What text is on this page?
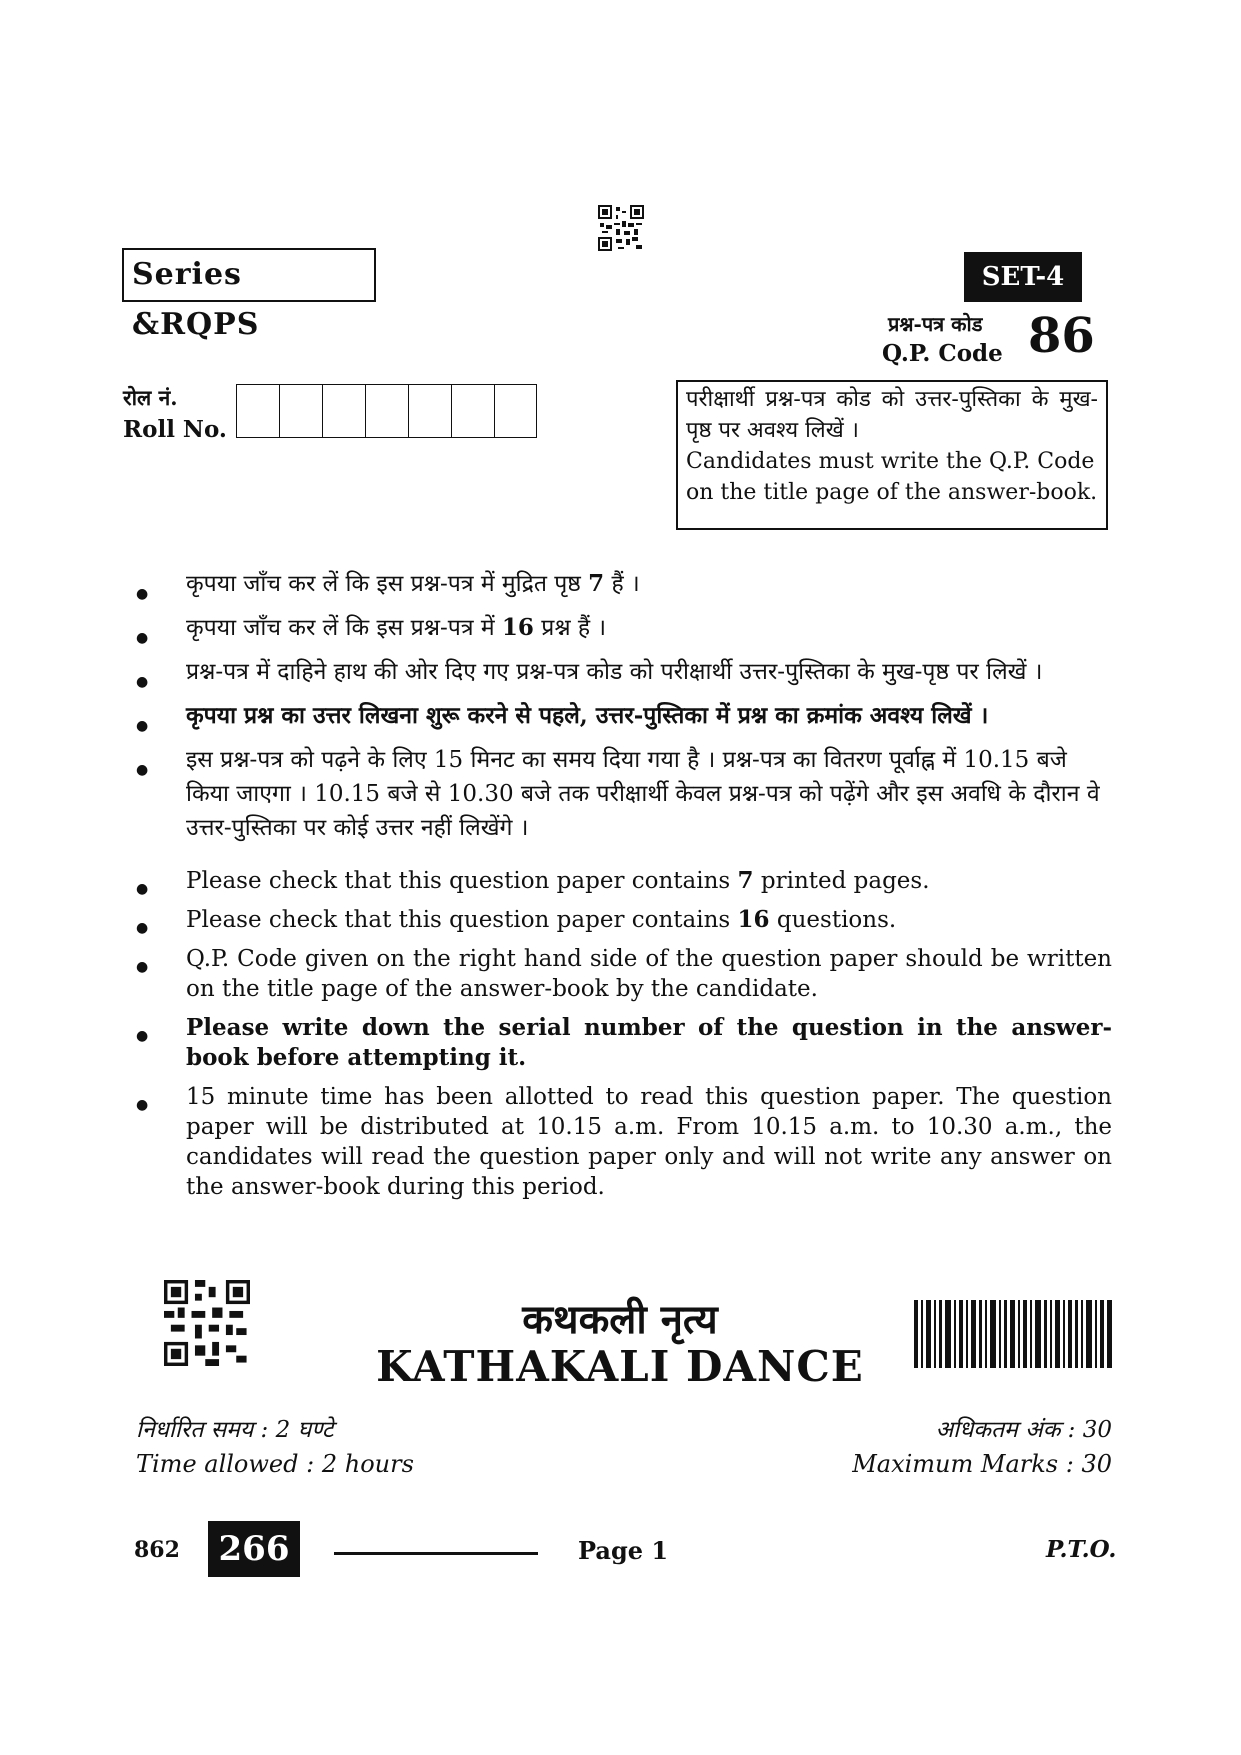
Series &RQPS
SET-4
प्रश्न-पत्र कोड
Q.P. Code 86
रोल नं.
Roll No.

परीक्षार्थी प्रश्न-पत्र कोड को उत्तर-पुस्तिका के मुख-पृष्ठ पर अवश्य लिखें ।

Candidates must write the Q.P. Code on the title page of the answer-book.

● कृपया जाँच कर लें कि इस प्रश्न-पत्र में मुद्रित पृष्ठ 7 हैं ।
● कृपया जाँच कर लें कि इस प्रश्न-पत्र में 16 प्रश्न हैं ।
● प्रश्न-पत्र में दाहिने हाथ की ओर दिए गए प्रश्न-पत्र कोड को परीक्षार्थी उत्तर-पुस्तिका के मुख-पृष्ठ पर लिखें ।
● कृपया प्रश्न का उत्तर लिखना शुरू करने से पहले, उत्तर-पुस्तिका में प्रश्न का क्रमांक अवश्य लिखें ।
● इस प्रश्न-पत्र को पढ़ने के लिए 15 मिनट का समय दिया गया है । प्रश्न-पत्र का वितरण पूर्वाह्न में 10.15 बजे किया जाएगा । 10.15 बजे से 10.30 बजे तक परीक्षार्थी केवल प्रश्न-पत्र को पढ़ेंगे और इस अवधि के दौरान वे उत्तर-पुस्तिका पर कोई उत्तर नहीं लिखेंगे ।
● Please check that this question paper contains 7 printed pages.
● Please check that this question paper contains 16 questions.
● Q.P. Code given on the right hand side of the question paper should be written on the title page of the answer-book by the candidate.
● Please write down the serial number of the question in the answer-book before attempting it.
● 15 minute time has been allotted to read this question paper. The question paper will be distributed at 10.15 a.m. From 10.15 a.m. to 10.30 a.m., the candidates will read the question paper only and will not write any answer on the answer-book during this period.
कथकली नृत्य
KATHAKALI DANCE
निर्धारित समय : 2 घण्टे
Time allowed : 2 hours
अधिकतम अंक : 30
Maximum Marks : 30
862	266	Page 1	P.T.O.
